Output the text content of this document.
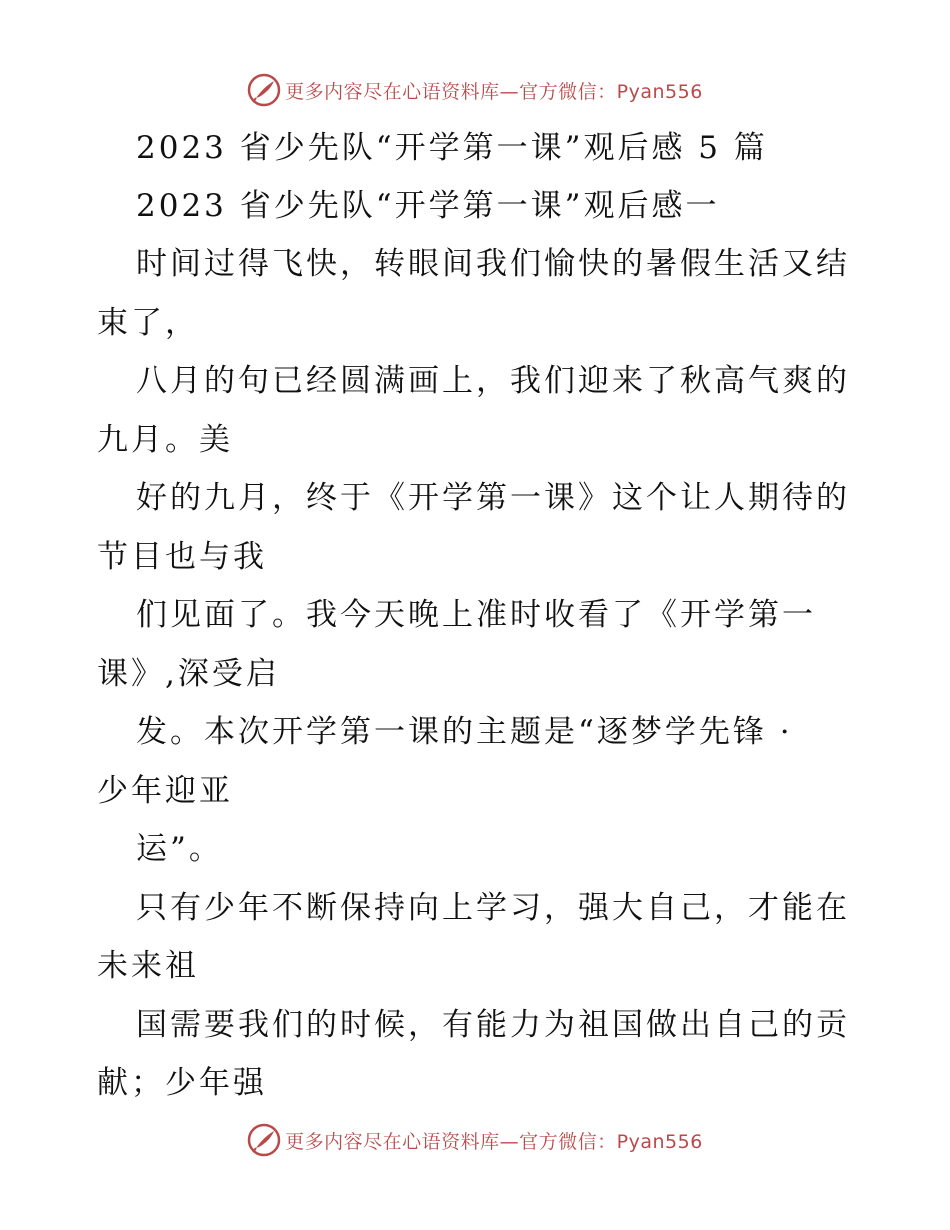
更多内容尽在心语资料库—官方微信：Pyan556
2023 省少先队“开学第一课”观后感 5 篇
2023 省少先队“开学第一课”观后感一
时间过得飞快，转眼间我们愉快的暑假生活又结
束了，
八月的句已经圆满画上，我们迎来了秋高气爽的
九月。美
好的九月，终于《开学第一课》这个让人期待的
节目也与我
们见面了。我今天晚上准时收看了《开学第一
课》,深受启
发。本次开学第一课的主题是“逐梦学先锋 ·
少年迎亚
运”。
只有少年不断保持向上学习，强大自己，才能在
未来祖
国需要我们的时候，有能力为祖国做出自己的贡
献；少年强
更多内容尽在心语资料库—官方微信：Pyan556
